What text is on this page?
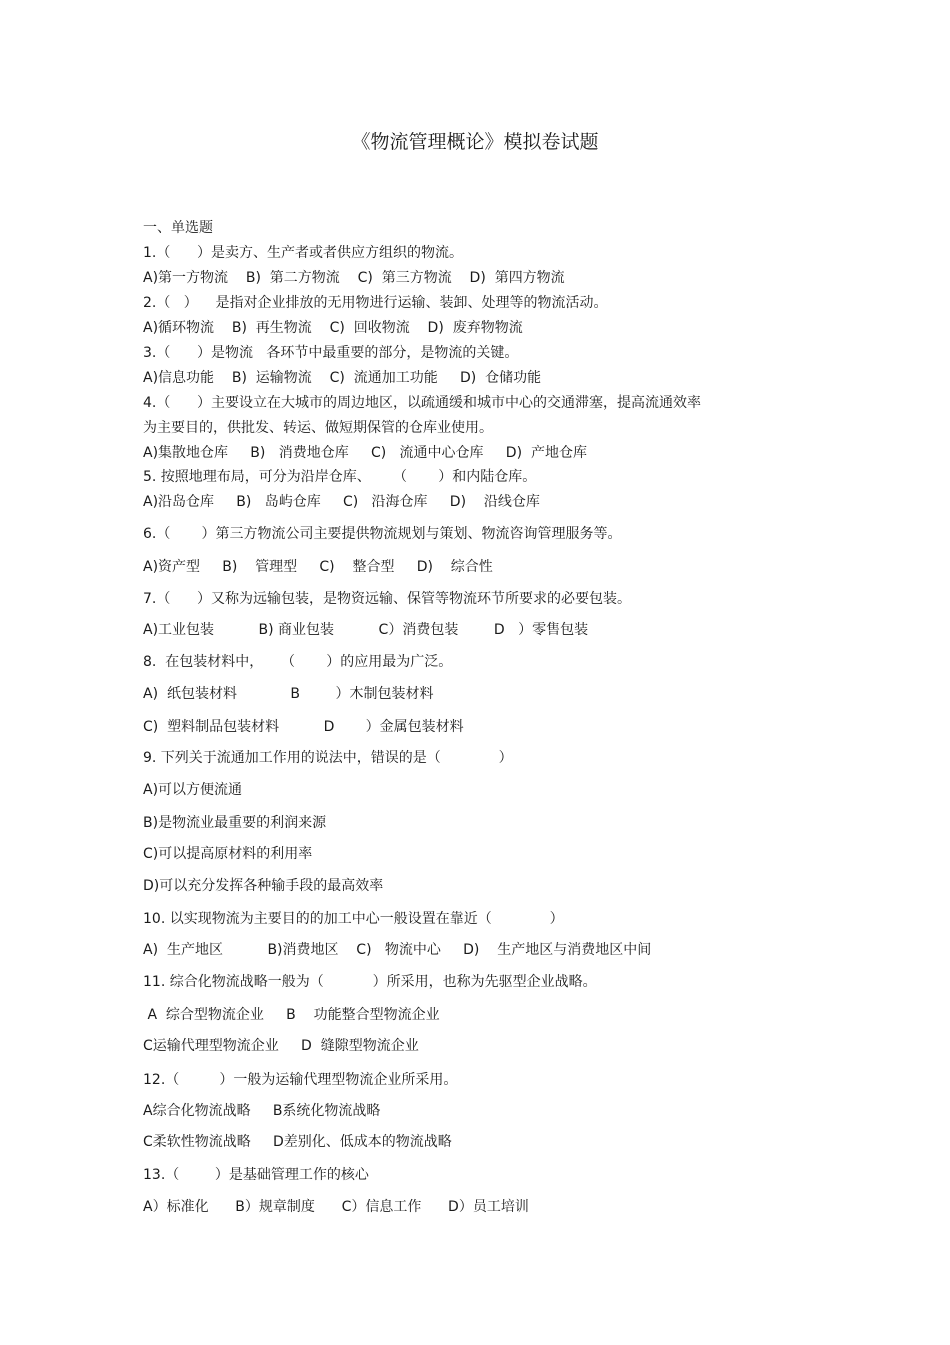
《物流管理概论》模拟卷试题
一、单选题
1.（      ）是卖方、生产者或者供应方组织的物流。
A)第一方物流    B)  第二方物流    C)  第三方物流    D)  第四方物流
2.（   ）    是指对企业排放的无用物进行运输、装卸、处理等的物流活动。
A)循环物流    B)  再生物流    C)  回收物流    D)  废弃物物流
3.（      ）是物流   各环节中最重要的部分，是物流的关键。
A)信息功能    B)  运输物流    C)  流通加工功能     D)  仓储功能
4.（      ）主要设立在大城市的周边地区，以疏通缓和城市中心的交通滞塞，提高流通效率
为主要目的，供批发、转运、做短期保管的仓库业使用。
A)集散地仓库     B)   消费地仓库     C)   流通中心仓库     D)  产地仓库
5. 按照地理布局，可分为沿岸仓库、     （       ）和内陆仓库。
A)沿岛仓库     B)   岛屿仓库     C)   沿海仓库     D)    沿线仓库
6.（       ）第三方物流公司主要提供物流规划与策划、物流咨询管理服务等。
A)资产型     B)    管理型     C)    整合型     D)    综合性
7.（      ）又称为远输包装，是物资远输、保管等物流环节所要求的必要包装。
A)工业包装          B) 商业包装          C）消费包装        D   ）零售包装
8.  在包装材料中，    （       ）的应用最为广泛。
A)  纸包装材料            B        ）木制包装材料
C)  塑料制品包装材料          D       ）金属包装材料
9. 下列关于流通加工作用的说法中，错误的是（             ）
A)可以方便流通
B)是物流业最重要的利润来源
C)可以提高原材料的利用率
D)可以充分发挥各种输手段的最高效率
10. 以实现物流为主要目的的加工中心一般设置在靠近（             ）
A)  生产地区          B)消费地区    C)   物流中心     D)    生产地区与消费地区中间
11. 综合化物流战略一般为（           ）所采用，也称为先驱型企业战略。
A  综合型物流企业     B    功能整合型物流企业
C运输代理型物流企业     D  缝隙型物流企业
12.（         ）一般为运输代理型物流企业所采用。
A综合化物流战略     B系统化物流战略
C柔软性物流战略     D差别化、低成本的物流战略
13.（        ）是基础管理工作的核心
A）标准化      B）规章制度      C）信息工作      D）员工培训
